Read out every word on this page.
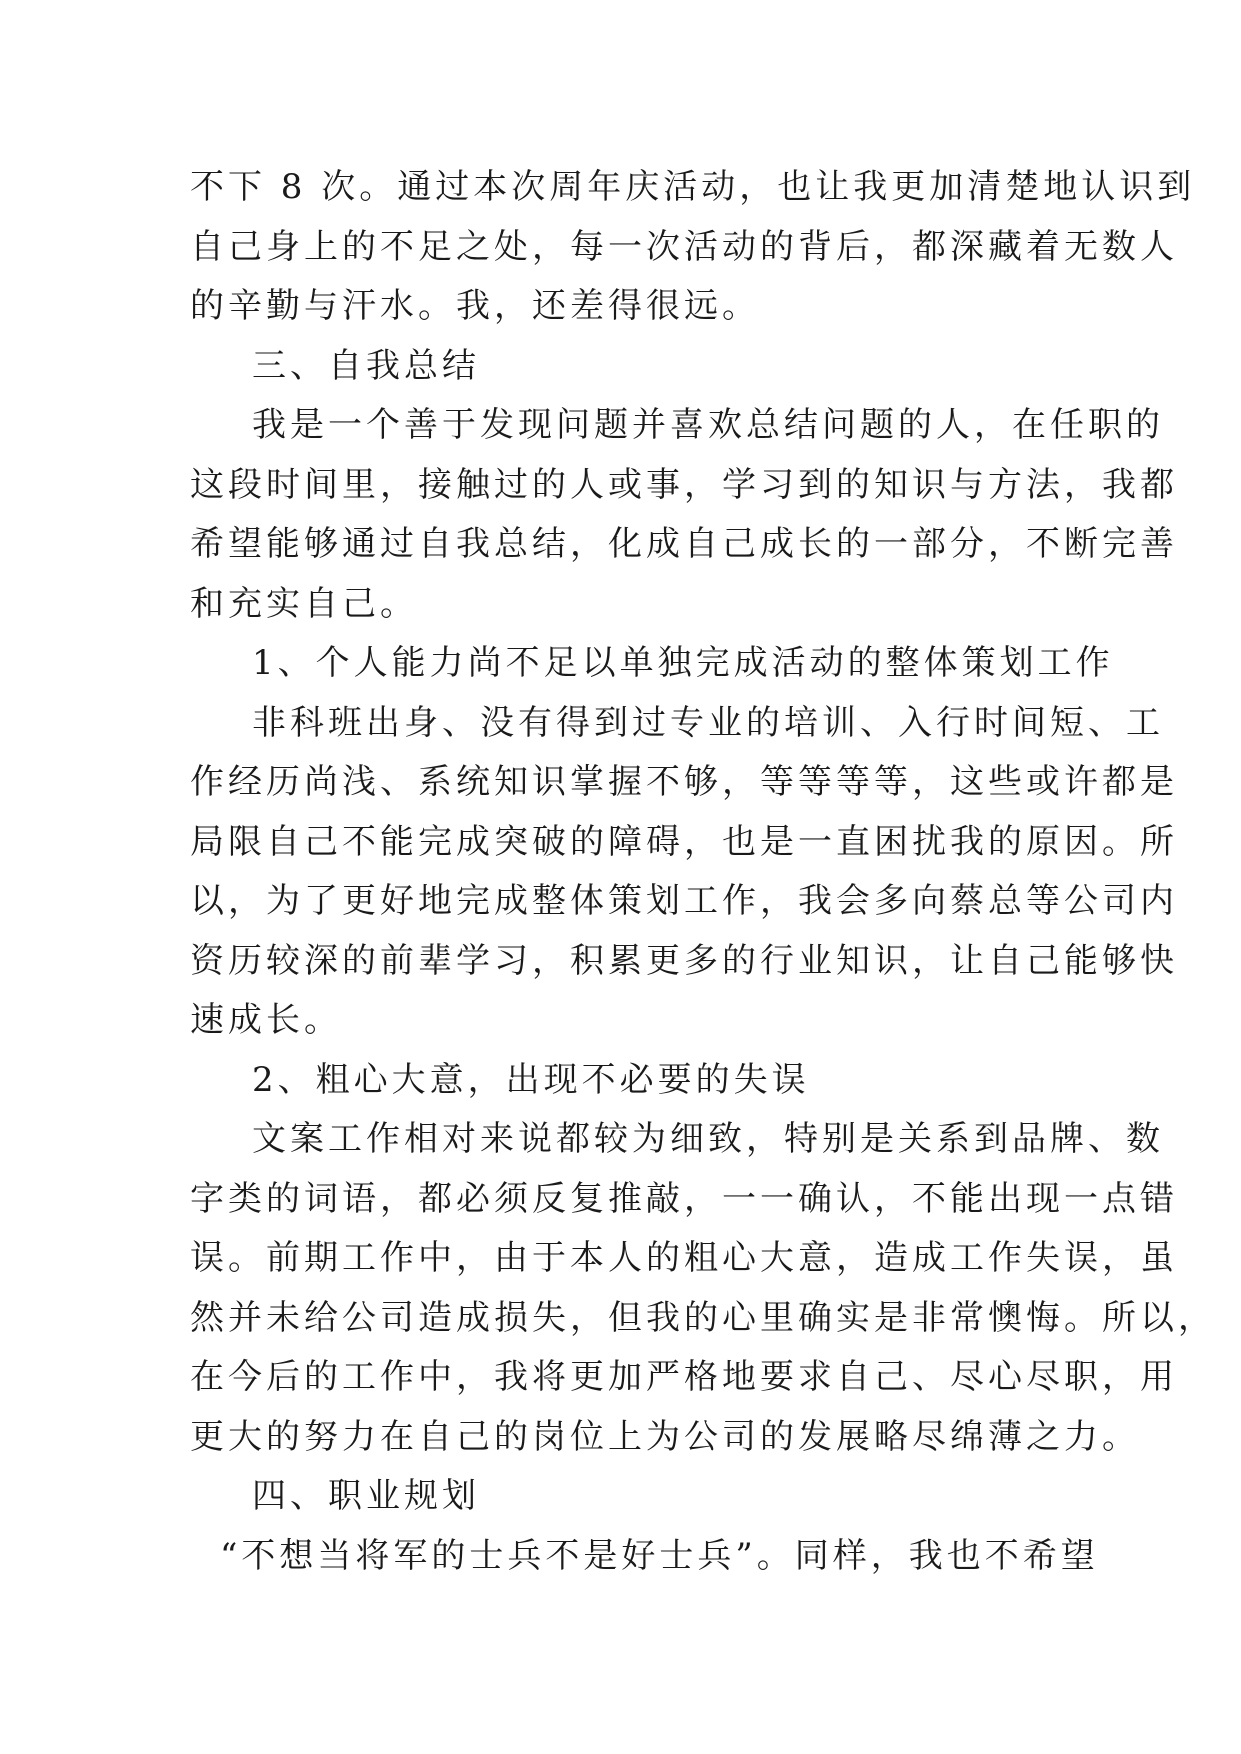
不下 8 次。通过本次周年庆活动，也让我更加清楚地认识到
自己身上的不足之处，每一次活动的背后，都深藏着无数人
的辛勤与汗水。我，还差得很远。
三、自我总结
我是一个善于发现问题并喜欢总结问题的人，在任职的
这段时间里，接触过的人或事，学习到的知识与方法，我都
希望能够通过自我总结，化成自己成长的一部分，不断完善
和充实自己。
1、个人能力尚不足以单独完成活动的整体策划工作
非科班出身、没有得到过专业的培训、入行时间短、工
作经历尚浅、系统知识掌握不够，等等等等，这些或许都是
局限自己不能完成突破的障碍，也是一直困扰我的原因。所
以，为了更好地完成整体策划工作，我会多向蔡总等公司内
资历较深的前辈学习，积累更多的行业知识，让自己能够快
速成长。
2、粗心大意，出现不必要的失误
文案工作相对来说都较为细致，特别是关系到品牌、数
字类的词语，都必须反复推敲，一一确认，不能出现一点错
误。前期工作中，由于本人的粗心大意，造成工作失误，虽
然并未给公司造成损失，但我的心里确实是非常懊悔。所以，
在今后的工作中，我将更加严格地要求自己、尽心尽职，用
更大的努力在自己的岗位上为公司的发展略尽绵薄之力。
四、职业规划
“不想当将军的士兵不是好士兵”。同样，我也不希望
